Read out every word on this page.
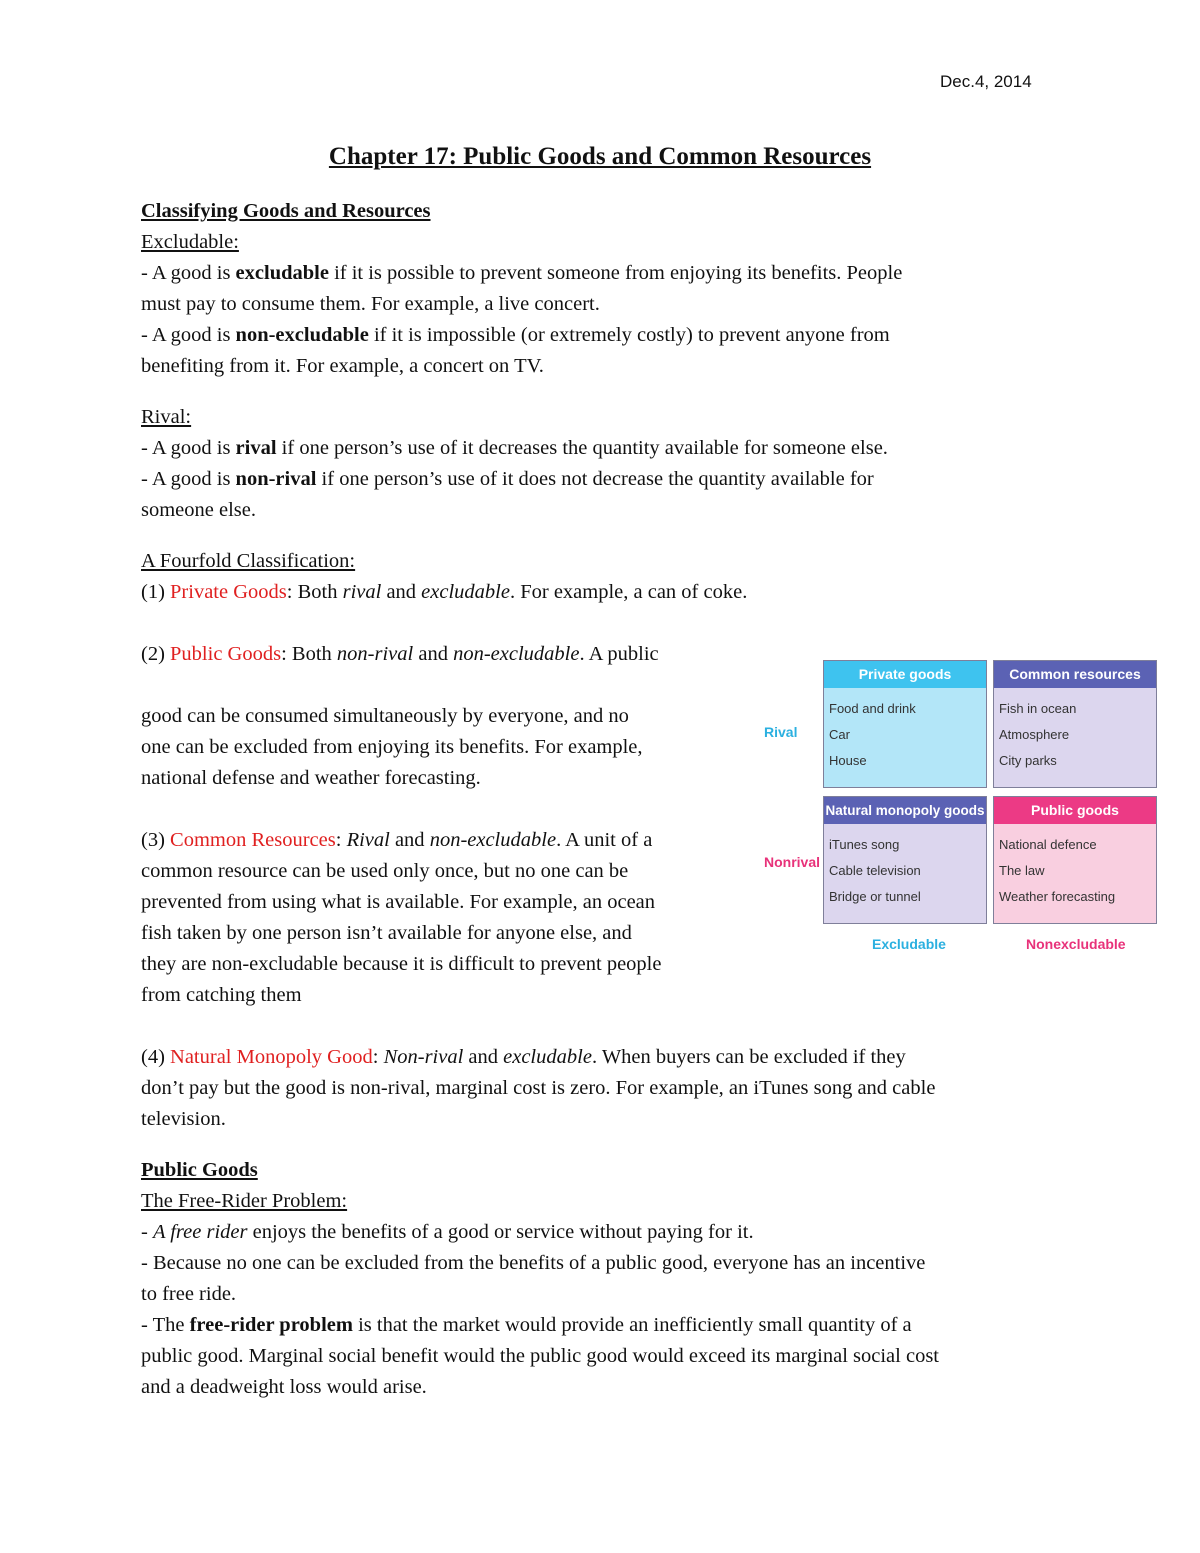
Dec.4, 2014
Chapter 17: Public Goods and Common Resources
Classifying Goods and Resources
Excludable:
- A good is excludable if it is possible to prevent someone from enjoying its benefits. People
must pay to consume them. For example, a live concert.
- A good is non-excludable if it is impossible (or extremely costly) to prevent anyone from
benefiting from it. For example, a concert on TV.
Rival:
- A good is rival if one person’s use of it decreases the quantity available for someone else.
- A good is non-rival if one person’s use of it does not decrease the quantity available for
someone else.
A Fourfold Classification:
(1) Private Goods: Both rival and excludable. For example, a can of coke.
(2) Public Goods: Both non-rival and non-excludable. A public
good can be consumed simultaneously by everyone, and no
one can be excluded from enjoying its benefits. For example,
national defense and weather forecasting.
(3) Common Resources: Rival and non-excludable. A unit of a
common resource can be used only once, but no one can be
prevented from using what is available. For example, an ocean
fish taken by one person isn’t available for anyone else, and
they are non-excludable because it is difficult to prevent people
from catching them
(4) Natural Monopoly Good: Non-rival and excludable. When buyers can be excluded if they
don’t pay but the good is non-rival, marginal cost is zero. For example, an iTunes song and cable
television.
Public Goods
The Free-Rider Problem:
- A free rider enjoys the benefits of a good or service without paying for it.
- Because no one can be excluded from the benefits of a public good, everyone has an incentive
to free ride.
- The free-rider problem is that the market would provide an inefficiently small quantity of a
public good. Marginal social benefit would the public good would exceed its marginal social cost
and a deadweight loss would arise.
Rival
Nonrival
Private goods
Food and drink
Car
House
Common resources
Fish in ocean
Atmosphere
City parks
Natural monopoly goods
iTunes song
Cable television
Bridge or tunnel
Public goods
National defence
The law
Weather forecasting
Excludable	Nonexcludable
